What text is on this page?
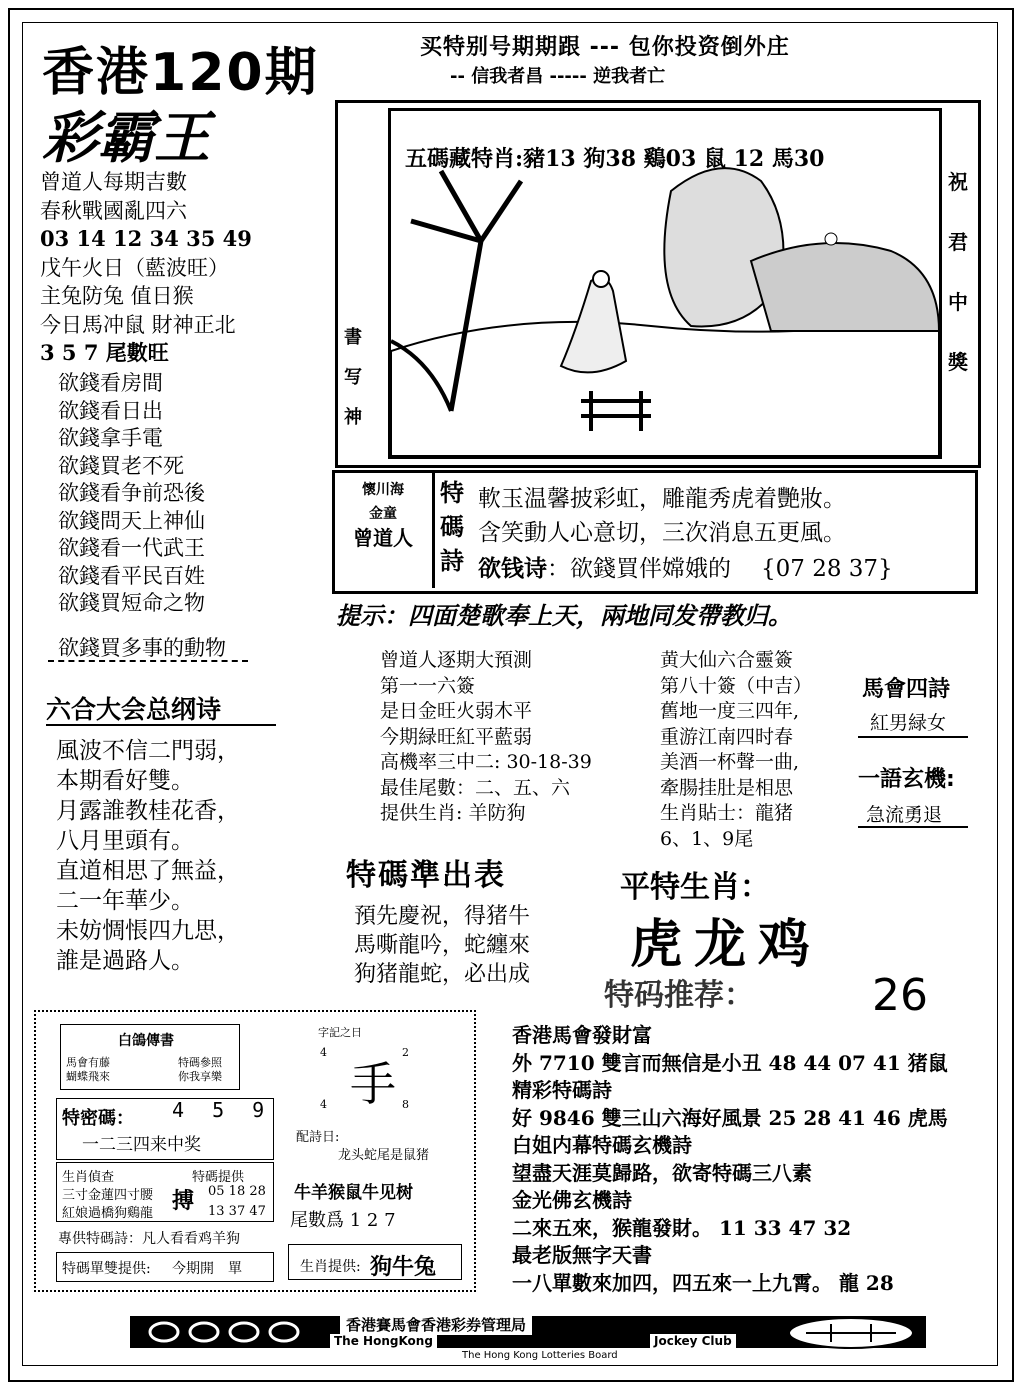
香港120期
彩霸王
曾道人每期吉數
春秋戰國亂四六
03 14 12 34 35 49
戊午火日（藍波旺）
主兔防兔 值日猴
今日馬冲鼠 財神正北
3 5 7 尾數旺
欲錢看房間
欲錢看日出
欲錢拿手電
欲錢買老不死
欲錢看争前恐後
欲錢問天上神仙
欲錢看一代武王
欲錢看平民百姓
欲錢買短命之物
欲錢買多事的動物
六合大会总纲诗
風波不信二門弱，
本期看好雙。
月露誰教桂花香，
八月里頭有。
直道相思了無益，
二一年華少。
未妨惆悵四九思，
誰是過路人。
买特别号期期跟 --- 包你投资倒外庄
-- 信我者昌 ----- 逆我者亡
五碼藏特肖:豬13 狗38 鷄03 鼠 12 馬30
祝
君
中
獎
書
写
神
懷川海
金童
曾道人
特
碼
詩
軟玉温馨披彩虹，雕龍秀虎着艷妝。
含笑動人心意切，三次消息五更風。
欲钱诗：欲錢買伴嫦娥的 {07 28 37}
提示：四面楚歌奉上天，兩地同发帶教归。
曾道人逐期大預測
第一一六簽
是日金旺火弱木平
今期緑旺紅平藍弱
高機率三中二: 30-18-39
最佳尾數：二、五、六
提供生肖: 羊防狗
黄大仙六合靈簽
第八十簽（中吉）
舊地一度三四年,
重游江南四时春
美酒一杯聲一曲,
牽腸挂肚是相思
生肖貼士：龍猪
6、1、9尾
馬會四詩
紅男緑女
一語玄機:
急流勇退
特碼準出表
預先慶祝，得猪牛
馬嘶龍吟，蛇纏來
狗猪龍蛇，必出成
平特生肖：
虎龙鸡
特码推荐：	26
白鴿傳書
馬會有藤
蝴蝶飛來
特碼參照
你我享樂
特密碼： 4 5 9
一二三四来中奖
字記之日
手
4	2
4	8
配詩日:
龙头蛇尾是鼠猪
生肖偵查
三寸金蓮四寸腰
紅娘過橋狗鷄龍
特碼提供
搏 05 18 28
13 37 47
專供特碼詩：凡人看看鸡羊狗
特碼單雙提供: 今期開　單
牛羊猴鼠牛见树
尾數爲 1 2 7
生肖提供: 狗牛兔
香港馬會發財富
外 7710 雙言而無信是小丑 48 44 07 41 猪鼠
精彩特碼詩
好 9846 雙三山六海好風景 25 28 41 46 虎馬
白姐内幕特碼玄機詩
望盡天涯莫歸路，欲寄特碼三八素
金光佛玄機詩
二來五來，猴龍發財。 11 33 47 32
最老版無字天書
一八單數來加四，四五來一上九霄。 龍 28
香港賽馬會香港彩券管理局
The HongKong	Jockey Club
The Hong Kong Lotteries Board
